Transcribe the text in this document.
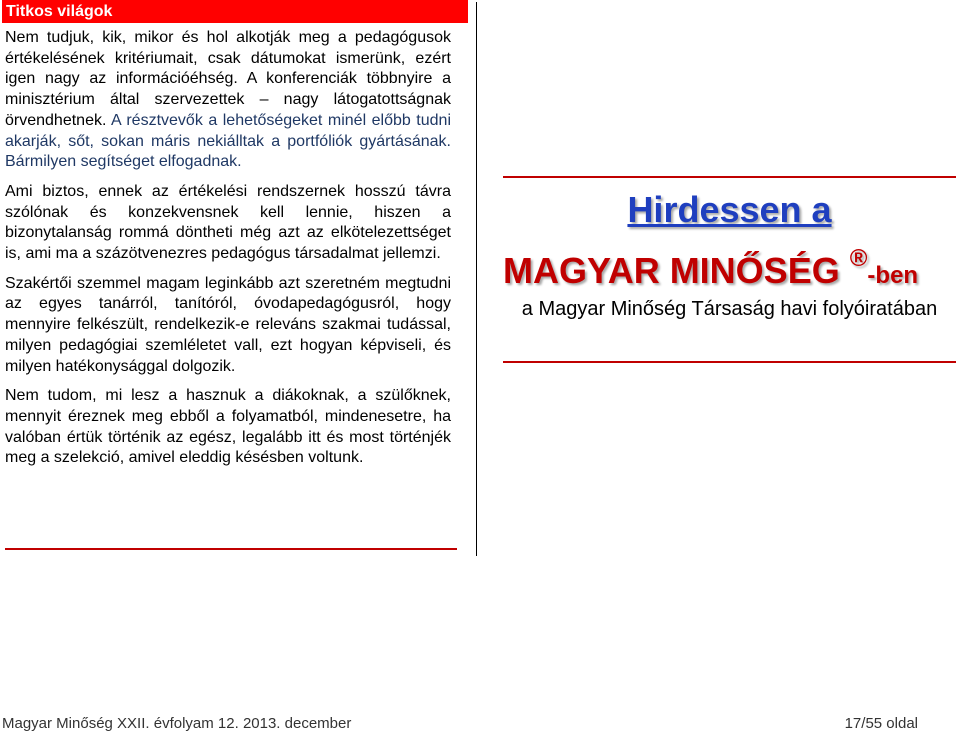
Titkos világok

Nem tudjuk, kik, mikor és hol alkotják meg a pedagógusok értékelésének kritériumait, csak dátumokat ismerünk, ezért igen nagy az információéhség. A konferenciák többnyire a minisztérium által szervezettek – nagy látogatottságnak örvendhetnek. A résztvevők a lehetőségeket minél előbb tudni akarják, sőt, sokan máris nekiálltak a portfóliók gyártásának. Bármilyen segítséget elfogadnak.

Ami biztos, ennek az értékelési rendszernek hosszú távra szólónak és konzekvensnek kell lennie, hiszen a bizonytalanság rommá döntheti még azt az elkötelezettséget is, ami ma a százötvenezres pedagógus társadalmat jellemzi.

Szakértői szemmel magam leginkább azt szeretném megtudni az egyes tanárról, tanítóról, óvodapedagógusról, hogy mennyire felkészült, rendelkezik-e releváns szakmai tudással, milyen pedagógiai szemléletet vall, ezt hogyan képviseli, és milyen hatékonysággal dolgozik.

Nem tudom, mi lesz a hasznuk a diákoknak, a szülőknek, mennyit éreznek meg ebből a folyamatból, mindenesetre, ha valóban értük történik az egész, legalább itt és most történjék meg a szelekció, amivel eleddig késésben voltunk.

Hirdessen a
MAGYAR MINŐSÉG ®-ben
a Magyar Minőség Társaság havi folyóiratában
Magyar Minőség XXII. évfolyam 12. 2013. december	17/55 oldal
